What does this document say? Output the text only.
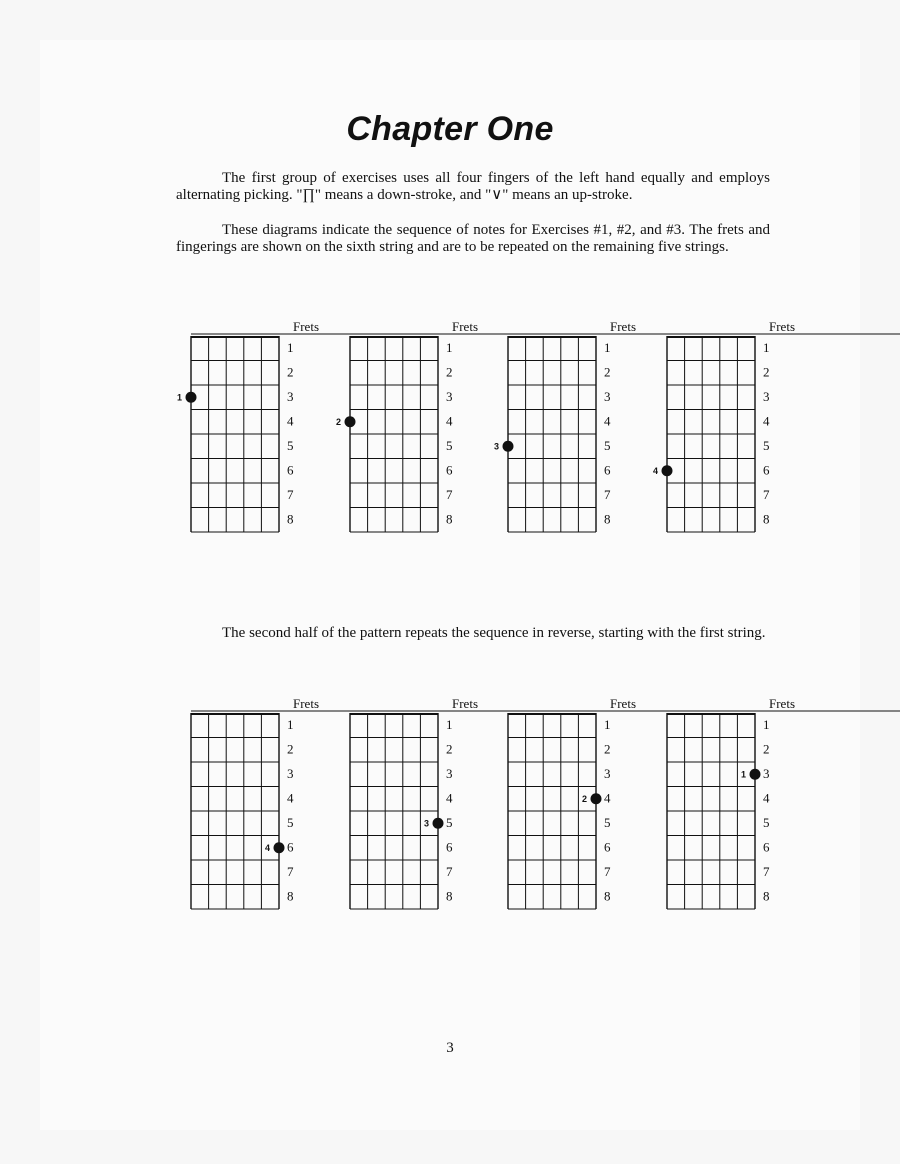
Chapter One

The first group of exercises uses all four fingers of the left hand equally and employs alternating picking. "∏" means a down-stroke, and "∨" means an up-stroke.

These diagrams indicate the sequence of notes for Exercises #1, #2, and #3. The frets and fingerings are shown on the sixth string and are to be repeated on the remaining five strings.

The second half of the pattern repeats the sequence in reverse, starting with the first string.

Frets
1
2
3
4
5
6
7
8
1
Frets
1
2
3
4
5
6
7
8
2
Frets
1
2
3
4
5
6
7
8
3
Frets
1
2
3
4
5
6
7
8
4
Frets
1
2
3
4
5
6
7
8
4
Frets
1
2
3
4
5
6
7
8
3
Frets
1
2
3
4
5
6
7
8
2
Frets
1
2
3
4
5
6
7
8
1
3
